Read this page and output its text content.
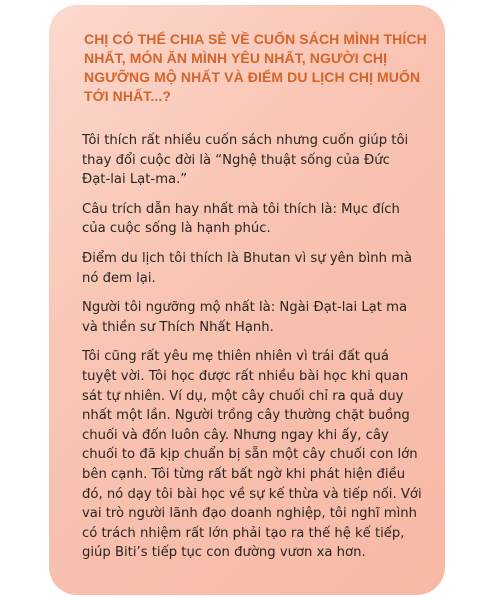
CHỊ CÓ THỂ CHIA SẺ VỀ CUỐN SÁCH MÌNH THÍCH NHẤT, MÓN ĂN MÌNH YÊU NHẤT, NGƯỜI CHỊ NGƯỠNG MỘ NHẤT VÀ ĐIỂM DU LỊCH CHỊ MUỐN TỚI NHẤT...?

Tôi thích rất nhiều cuốn sách nhưng cuốn giúp tôi thay đổi cuộc đời là “Nghệ thuật sống của Đức Đạt-lai Lạt-ma.”

Câu trích dẫn hay nhất mà tôi thích là: Mục đích của cuộc sống là hạnh phúc.

Điểm du lịch tôi thích là Bhutan vì sự yên bình mà nó đem lại.

Người tôi ngưỡng mộ nhất là: Ngài Đạt-lai Lạt ma và thiền sư Thích Nhất Hạnh.

Tôi cũng rất yêu mẹ thiên nhiên vì trái đất quá tuyệt vời. Tôi học được rất nhiều bài học khi quan sát tự nhiên. Ví dụ, một cây chuối chỉ ra quả duy nhất một lần. Người trồng cây thường chặt buồng chuối và đốn luôn cây. Nhưng ngay khi ấy, cây chuối to đã kịp chuẩn bị sẵn một cây chuối con lớn bên cạnh. Tôi từng rất bất ngờ khi phát hiện điều đó, nó dạy tôi bài học về sự kế thừa và tiếp nối. Với vai trò người lãnh đạo doanh nghiệp, tôi nghĩ mình có trách nhiệm rất lớn phải tạo ra thế hệ kế tiếp, giúp Biti’s tiếp tục con đường vươn xa hơn.
